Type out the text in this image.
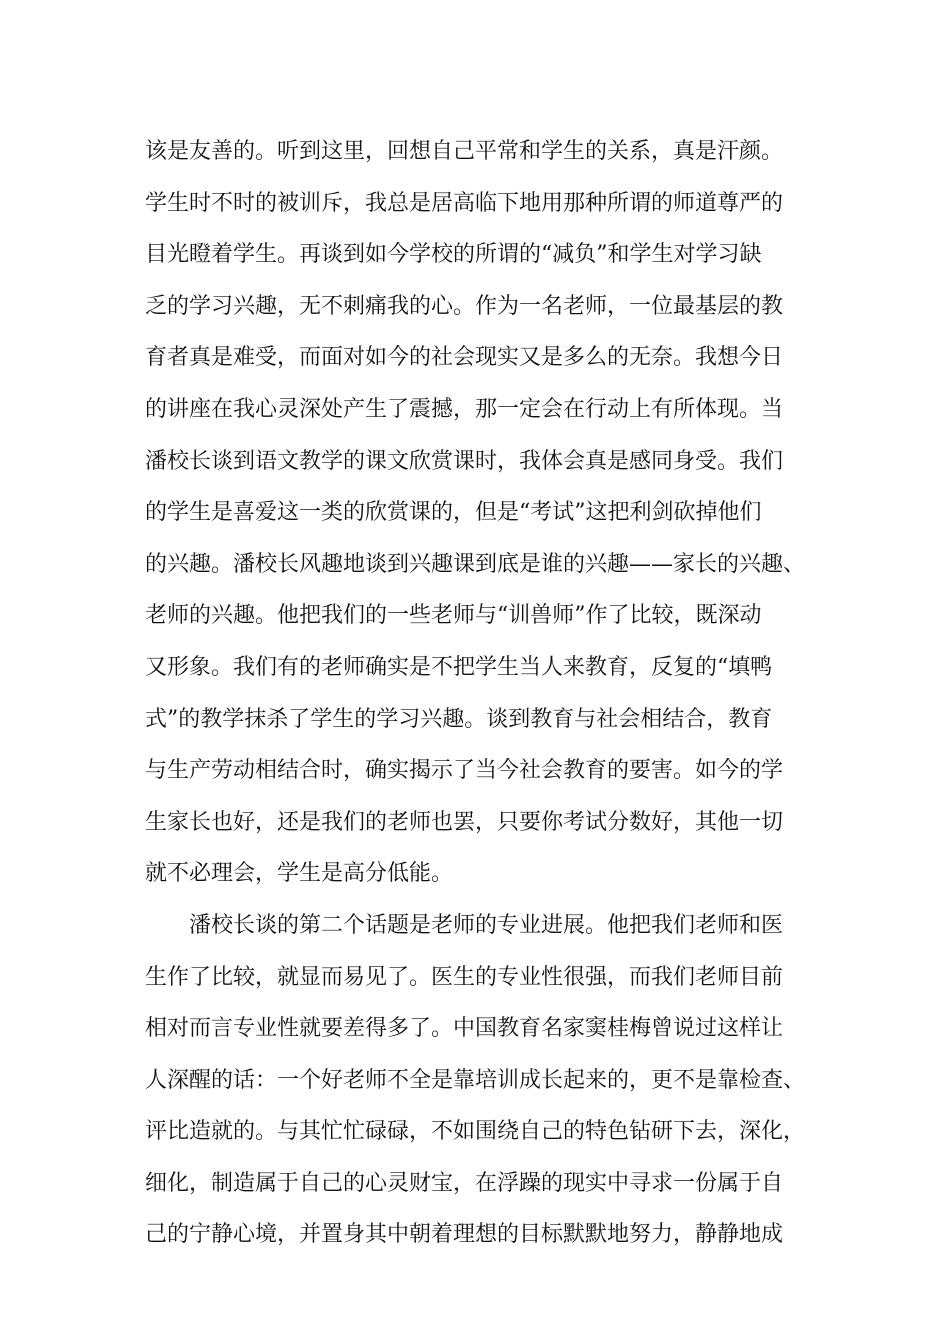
该是友善的。听到这里，回想自己平常和学生的关系，真是汗颜。
学生时不时的被训斥，我总是居高临下地用那种所谓的师道尊严的
目光瞪着学生。再谈到如今学校的所谓的“减负”和学生对学习缺
乏的学习兴趣，无不刺痛我的心。作为一名老师，一位最基层的教
育者真是难受，而面对如今的社会现实又是多么的无奈。我想今日
的讲座在我心灵深处产生了震撼，那一定会在行动上有所体现。当
潘校长谈到语文教学的课文欣赏课时，我体会真是感同身受。我们
的学生是喜爱这一类的欣赏课的，但是“考试”这把利剑砍掉他们
的兴趣。潘校长风趣地谈到兴趣课到底是谁的兴趣——家长的兴趣、
老师的兴趣。他把我们的一些老师与“训兽师”作了比较，既深动
又形象。我们有的老师确实是不把学生当人来教育，反复的“填鸭
式”的教学抹杀了学生的学习兴趣。谈到教育与社会相结合，教育
与生产劳动相结合时，确实揭示了当今社会教育的要害。如今的学
生家长也好，还是我们的老师也罢，只要你考试分数好，其他一切
就不必理会，学生是高分低能。
潘校长谈的第二个话题是老师的专业进展。他把我们老师和医
生作了比较，就显而易见了。医生的专业性很强，而我们老师目前
相对而言专业性就要差得多了。中国教育名家窦桂梅曾说过这样让
人深醒的话：一个好老师不全是靠培训成长起来的，更不是靠检查、
评比造就的。与其忙忙碌碌，不如围绕自己的特色钻研下去，深化，
细化，制造属于自己的心灵财宝，在浮躁的现实中寻求一份属于自
己的宁静心境，并置身其中朝着理想的目标默默地努力，静静地成
